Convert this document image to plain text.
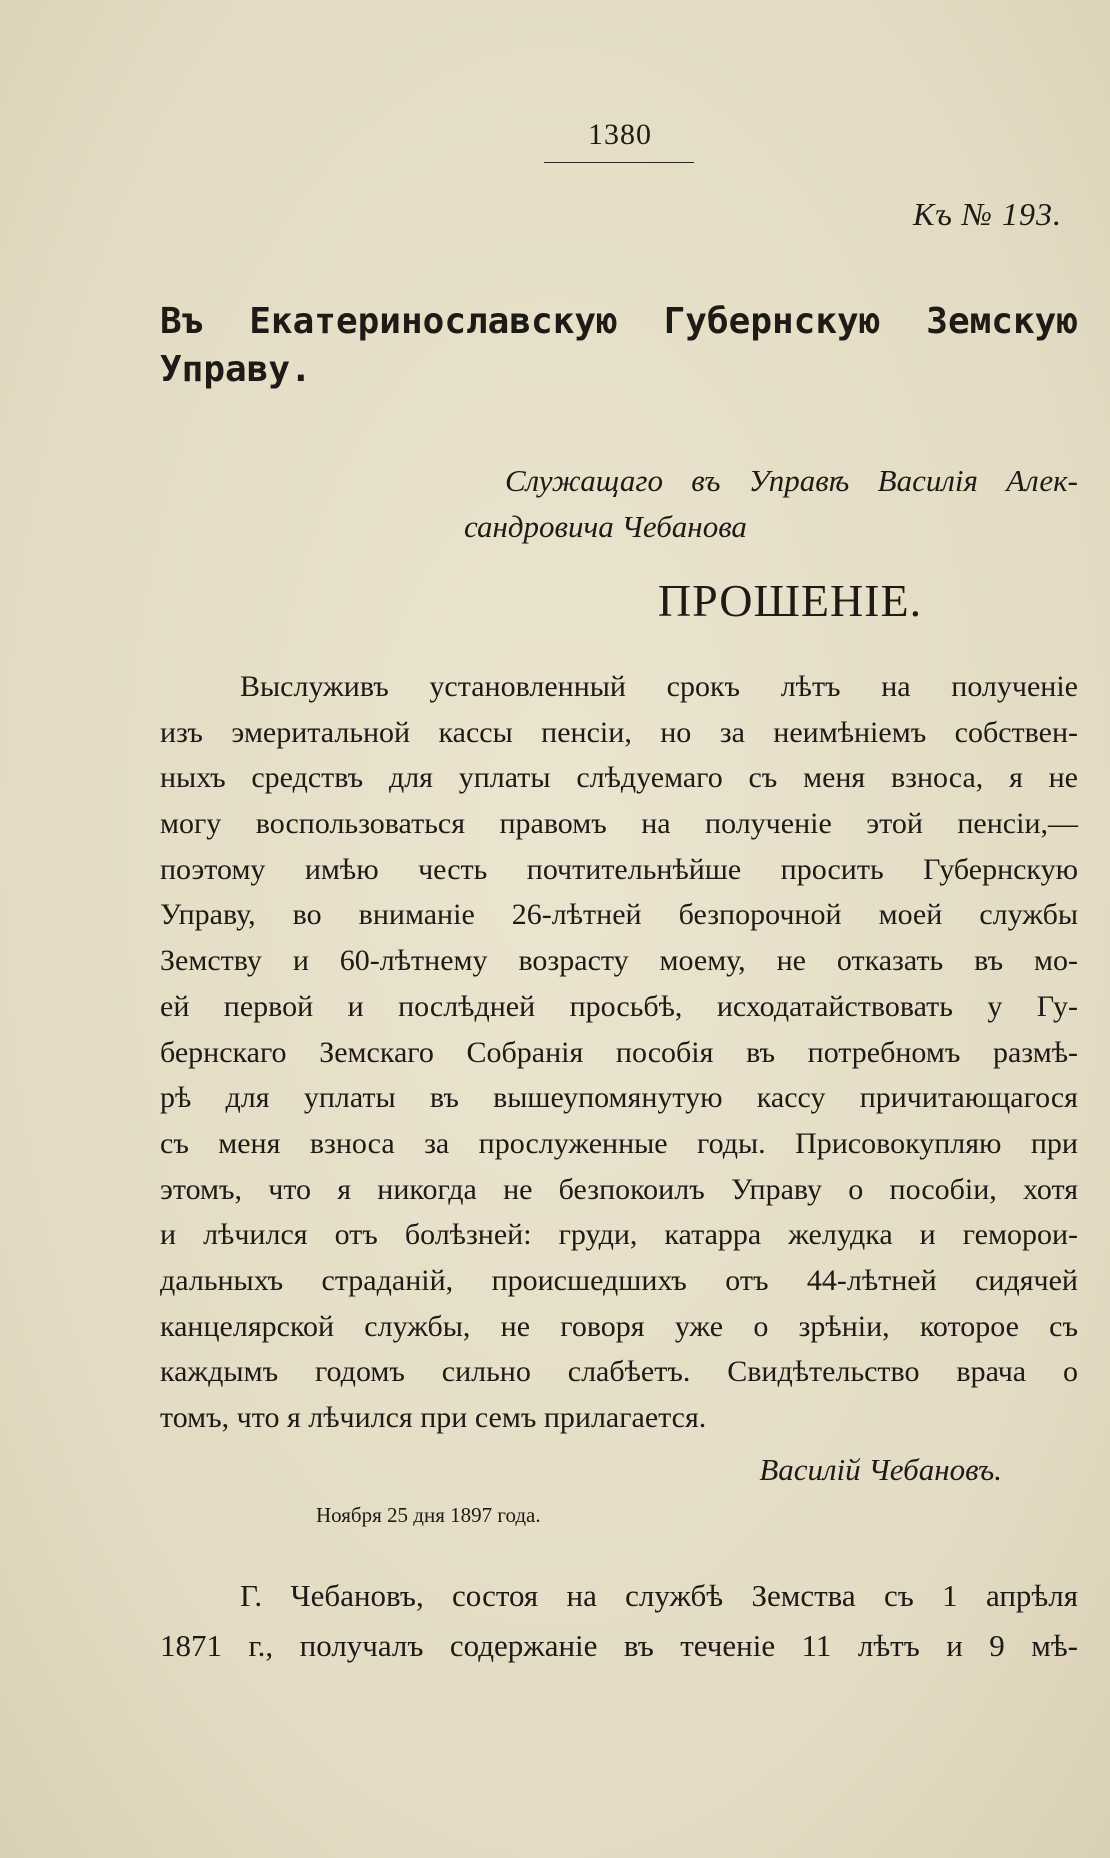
1380
Къ № 193.

Въ Екатеринославскую Губернскую Земскую

Управу.

Служащаго въ Управѣ Василія Алек-
сандровича Чебанова
ПРОШЕНІЕ.
Выслуживъ установленный срокъ лѣтъ на полученіе
изъ эмеритальной кассы пенсіи, но за неимѣніемъ собствен-
ныхъ средствъ для уплаты слѣдуемаго съ меня взноса, я не
могу воспользоваться правомъ на полученіе этой пенсіи,—
поэтому имѣю честь почтительнѣйше просить Губернскую
Управу, во вниманіе 26-лѣтней безпорочной моей службы
Земству и 60-лѣтнему возрасту моему, не отказать въ мо-
ей первой и послѣдней просьбѣ, исходатайствовать у Гу-
бернскаго Земскаго Собранія пособія въ потребномъ размѣ-
рѣ для уплаты въ вышеупомянутую кассу причитающагося
съ меня взноса за прослуженные годы. Присовокупляю при
этомъ, что я никогда не безпокоилъ Управу о пособіи, хотя
и лѣчился отъ болѣзней: груди, катарра желудка и гемoрои-
дальныхъ страданій, происшедшихъ отъ 44-лѣтней сидячей
канцелярской службы, не говоря уже о зрѣніи, которое съ
каждымъ годомъ сильно слабѣетъ. Свидѣтельство врача о
томъ, что я лѣчился при семъ прилагается.
Василій Чебановъ.
Ноября 25 дня 1897 года.
Г. Чебановъ, состоя на службѣ Земства съ 1 апрѣля
1871 г., получалъ содержаніе въ теченіе 11 лѣтъ и 9 мѣ-
